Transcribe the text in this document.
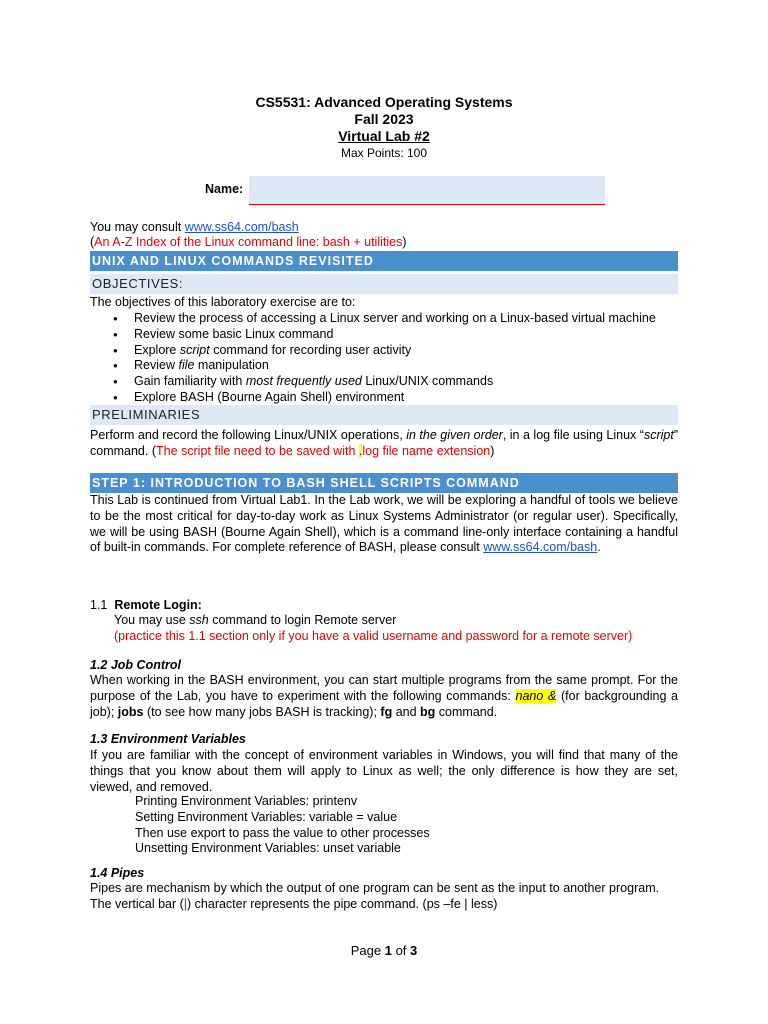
CS5531: Advanced Operating Systems
Fall 2023
Virtual Lab #2
Max Points: 100
Name:
You may consult www.ss64.com/bash
(An A-Z Index of the Linux command line: bash + utilities)
UNIX AND LINUX COMMANDS REVISITED
OBJECTIVES:
The objectives of this laboratory exercise are to:
● Review the process of accessing a Linux server and working on a Linux-based virtual machine
● Review some basic Linux command
● Explore script command for recording user activity
● Review file manipulation
● Gain familiarity with most frequently used Linux/UNIX commands
● Explore BASH (Bourne Again Shell) environment
PRELIMINARIES
Perform and record the following Linux/UNIX operations, in the given order, in a log file using Linux “script” command. (The script file need to be saved with .log file name extension)
STEP 1: INTRODUCTION TO BASH SHELL SCRIPTS COMMAND
This Lab is continued from Virtual Lab1. In the Lab work, we will be exploring a handful of tools we believe to be the most critical for day-to-day work as Linux Systems Administrator (or regular user). Specifically, we will be using BASH (Bourne Again Shell), which is a command line-only interface containing a handful of built-in commands. For complete reference of BASH, please consult www.ss64.com/bash.
1.1 Remote Login:
You may use ssh command to login Remote server
(practice this 1.1 section only if you have a valid username and password for a remote server)
1.2 Job Control
When working in the BASH environment, you can start multiple programs from the same prompt. For the purpose of the Lab, you have to experiment with the following commands: nano & (for backgrounding a job); jobs (to see how many jobs BASH is tracking); fg and bg command.
1.3 Environment Variables
If you are familiar with the concept of environment variables in Windows, you will find that many of the things that you know about them will apply to Linux as well; the only difference is how they are set, viewed, and removed.
Printing Environment Variables: printenv
Setting Environment Variables: variable = value
Then use export to pass the value to other processes
Unsetting Environment Variables: unset variable
1.4 Pipes
Pipes are mechanism by which the output of one program can be sent as the input to another program.
The vertical bar (|) character represents the pipe command. (ps –fe | less)
Page 1 of 3
